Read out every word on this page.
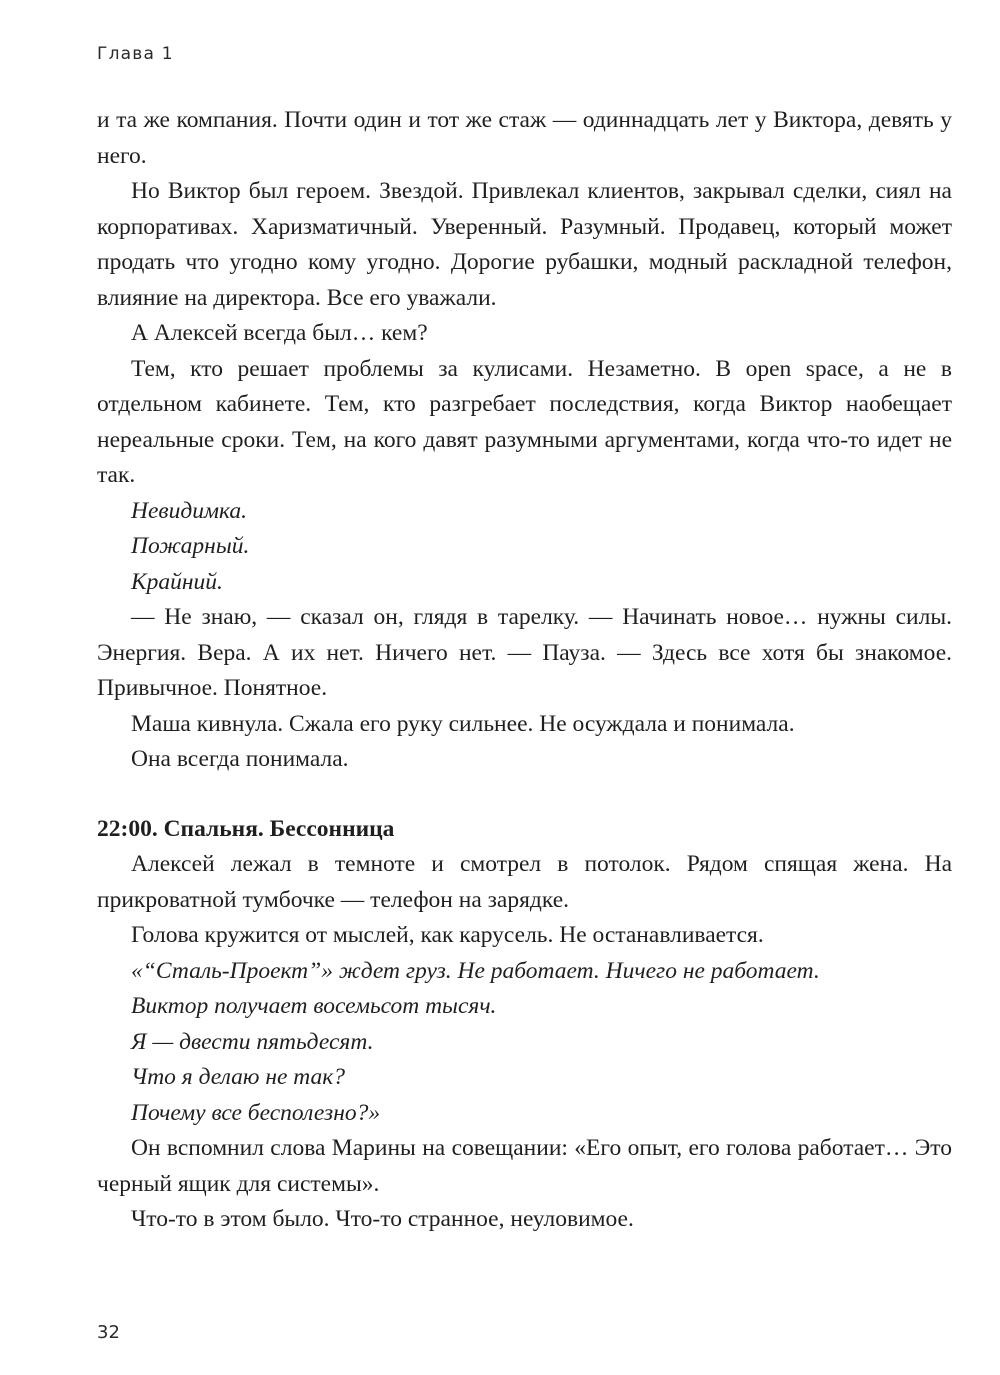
Глава 1

и та же компания. Почти один и тот же стаж — одиннадцать лет у Виктора, девять у него.

Но Виктор был героем. Звездой. Привлекал клиентов, закрывал сделки, сиял на корпоративах. Харизматичный. Уверенный. Разумный. Продавец, который может продать что угодно кому угодно. Дорогие рубашки, модный раскладной телефон, влияние на директора. Все его уважали.

А Алексей всегда был… кем?

Тем, кто решает проблемы за кулисами. Незаметно. В open space, а не в отдельном кабинете. Тем, кто разгребает последствия, когда Виктор наобещает нереальные сроки. Тем, на кого давят разумными аргументами, когда что-то идет не так.

Невидимка.

Пожарный.

Крайний.

— Не знаю, — сказал он, глядя в тарелку. — Начинать новое… нужны силы. Энергия. Вера. А их нет. Ничего нет. — Пауза. — Здесь все хотя бы знакомое. Привычное. Понятное.

Маша кивнула. Сжала его руку сильнее. Не осуждала и понимала.

Она всегда понимала.

22:00. Спальня. Бессонница

Алексей лежал в темноте и смотрел в потолок. Рядом спящая жена. На прикроватной тумбочке — телефон на зарядке.

Голова кружится от мыслей, как карусель. Не останавливается.

«“Сталь-Проект”» ждет груз. Не работает. Ничего не работает.

Виктор получает восемьсот тысяч.

Я — двести пятьдесят.

Что я делаю не так?

Почему все бесполезно?»

Он вспомнил слова Марины на совещании: «Его опыт, его голова работает… Это черный ящик для системы».

Что-то в этом было. Что-то странное, неуловимое.

32
